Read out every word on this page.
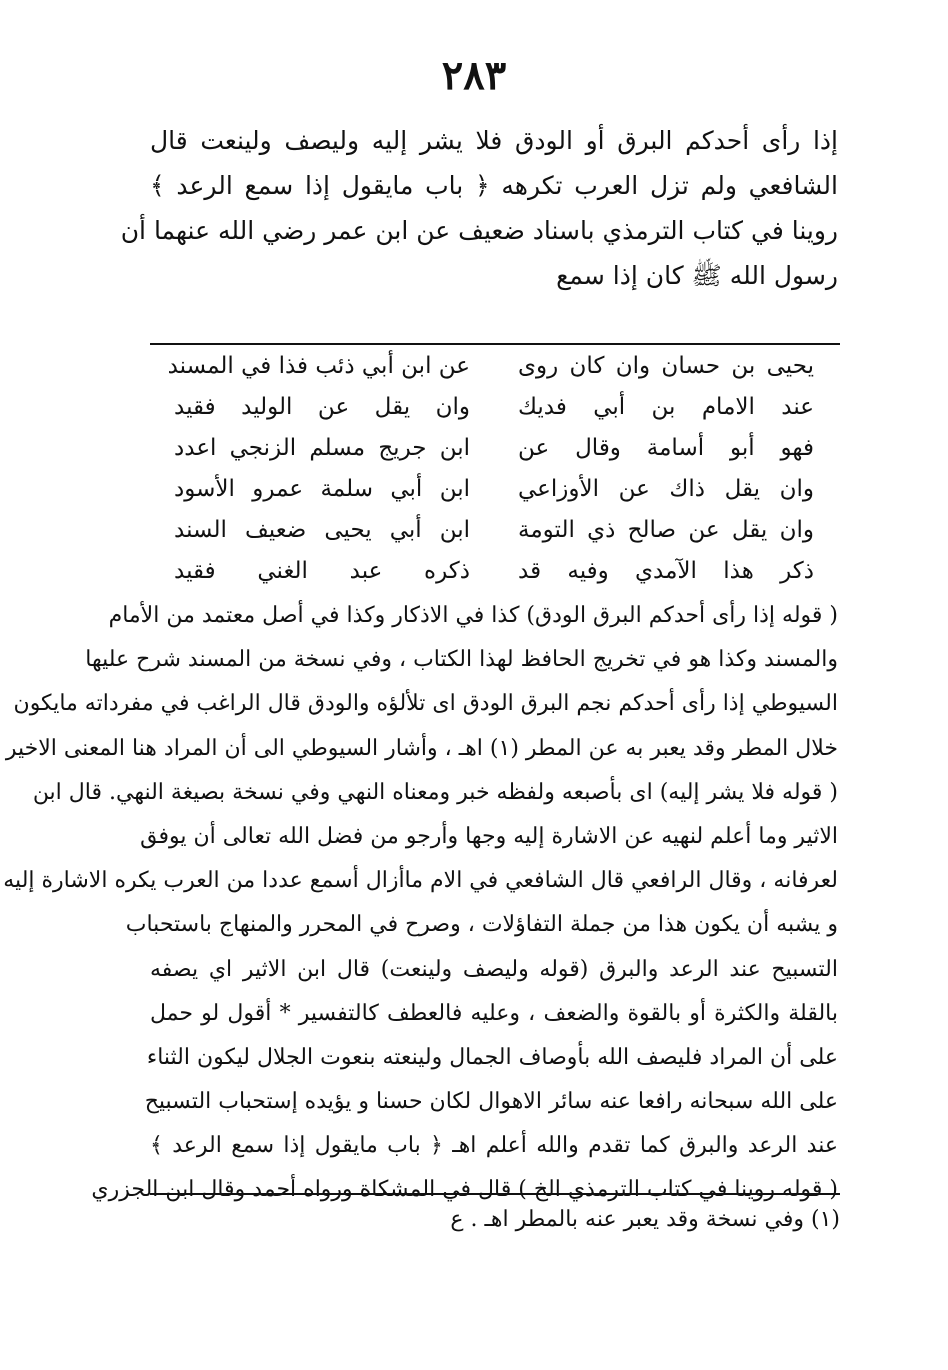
٢٨٣
إذا رأى أحدكم البرق أو الودق فلا يشر إليه وليصف ولينعت قال
الشافعي ولم تزل العرب تكرهه ﴿ باب مايقول إذا سمع الرعد ﴾
روينا في كتاب الترمذي باسناد ضعيف عن ابن عمر رضي الله عنهما أن
رسول الله ﷺ كان إذا سمع
يحيى بن حسان وان كان روى
عن ابن أبي ذئب فذا في المسند
عند الامام بن أبي فديك
وان يقل عن الوليد فقيد
فهو أبو أسامة وقال عن
ابن جريج مسلم الزنجي اعدد
وان يقل ذاك عن الأوزاعي
ابن أبي سلمة عمرو الأسود
وان يقل عن صالح ذي التومة
ابن أبي يحيى ضعيف السند
ذكر هذا الآمدي وفيه قد
ذكره عبد الغني فقيد
( قوله إذا رأى أحدكم البرق الودق) كذا في الاذكار وكذا في أصل معتمد من الأمام
والمسند وكذا هو في تخريج الحافظ لهذا الكتاب ، وفي نسخة من المسند شرح عليها
السيوطي إذا رأى أحدكم نجم البرق الودق اى تلألؤه والودق قال الراغب في مفرداته مايكون
خلال المطر وقد يعبر به عن المطر (١) اهـ ، وأشار السيوطي الى أن المراد هنا المعنى الاخير
( قوله فلا يشر إليه) اى بأصبعه ولفظه خبر ومعناه النهي وفي نسخة بصيغة النهي. قال ابن
الاثير وما أعلم لنهيه عن الاشارة إليه وجها وأرجو من فضل الله تعالى أن يوفق
لعرفانه ، وقال الرافعي قال الشافعي في الام ماأزال أسمع عددا من العرب يكره الاشارة إليه
و يشبه أن يكون هذا من جملة التفاؤلات ، وصرح في المحرر والمنهاج باستحباب
التسبيح عند الرعد والبرق (قوله وليصف ولينعت) قال ابن الاثير اي يصفه
بالقلة والكثرة أو بالقوة والضعف ، وعليه فالعطف كالتفسير * أقول لو حمل
على أن المراد فليصف الله بأوصاف الجمال ولينعته بنعوت الجلال ليكون الثناء
على الله سبحانه رافعا عنه سائر الاهوال لكان حسنا و يؤيده إستحباب التسبيح
عند الرعد والبرق كما تقدم والله أعلم اهـ ﴿ باب مايقول إذا سمع الرعد ﴾
( قوله روينا في كتاب الترمذي الخ ) قال في المشكاة ورواه أحمد وقال ابن الجزري
(١) وفي نسخة وقد يعبر عنه بالمطر اهـ . ع
